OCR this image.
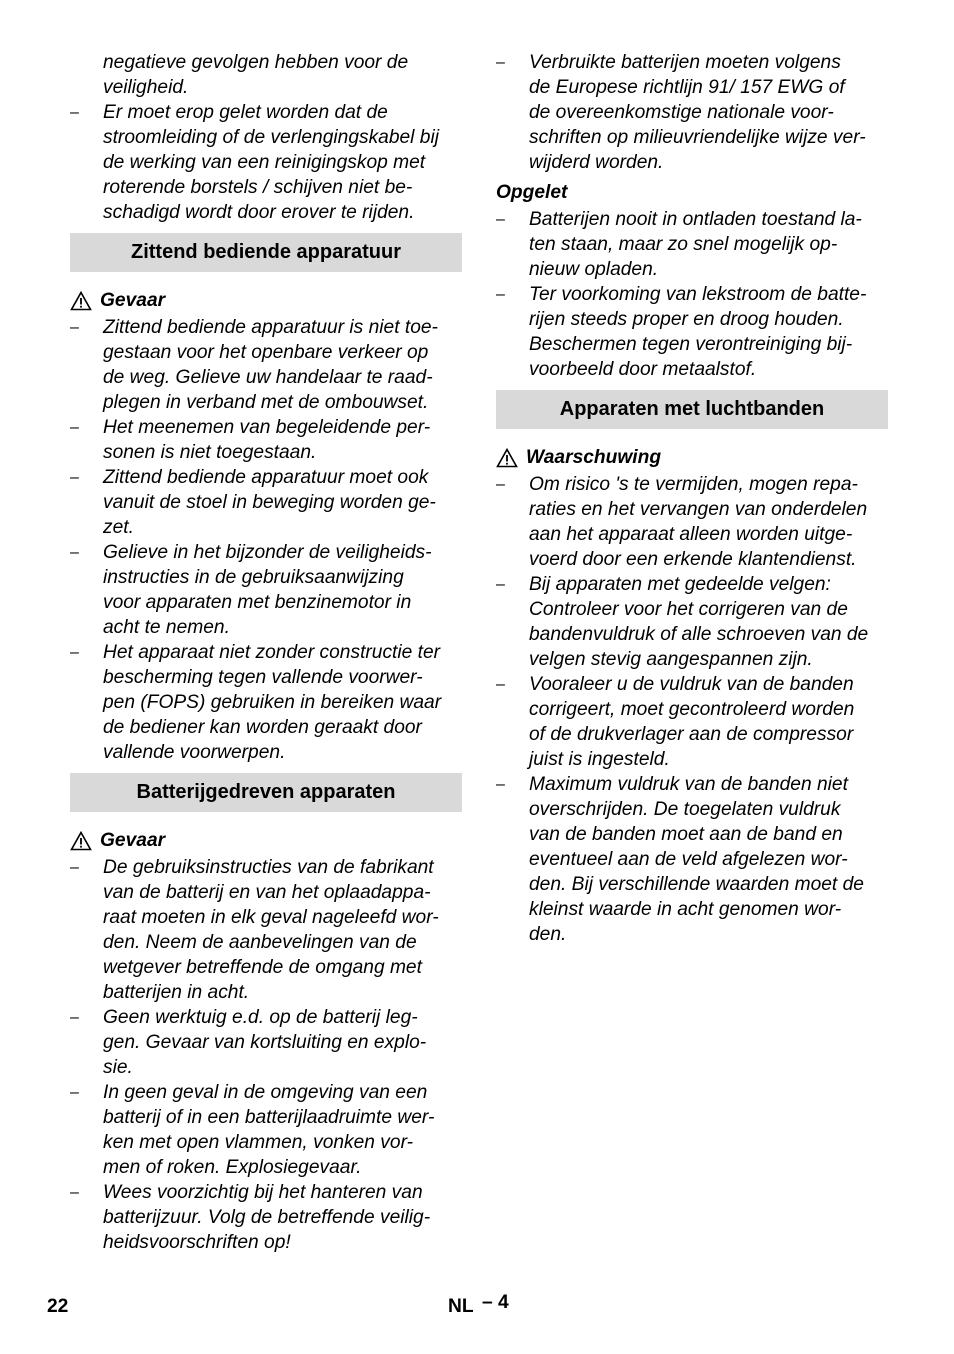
negatieve gevolgen hebben voor de
veiligheid.

– Er moet erop gelet worden dat de
stroomleiding of de verlengingskabel bij
de werking van een reinigingskop met
roterende borstels / schijven niet be-
schadigd wordt door erover te rijden.
Zittend bediende apparatuur
Gevaar
– Zittend bediende apparatuur is niet toe-
gestaan voor het openbare verkeer op
de weg. Gelieve uw handelaar te raad-
plegen in verband met de ombouwset.
– Het meenemen van begeleidende per-
sonen is niet toegestaan.
– Zittend bediende apparatuur moet ook
vanuit de stoel in beweging worden ge-
zet.
– Gelieve in het bijzonder de veiligheids-
instructies in de gebruiksaanwijzing
voor apparaten met benzinemotor in
acht te nemen.
– Het apparaat niet zonder constructie ter
bescherming tegen vallende voorwer-
pen (FOPS) gebruiken in bereiken waar
de bediener kan worden geraakt door
vallende voorwerpen.
Batterijgedreven apparaten
Gevaar
– De gebruiksinstructies van de fabrikant
van de batterij en van het oplaadappa-
raat moeten in elk geval nageleefd wor-
den. Neem de aanbevelingen van de
wetgever betreffende de omgang met
batterijen in acht.
– Geen werktuig e.d. op de batterij leg-
gen. Gevaar van kortsluiting en explo-
sie.
– In geen geval in de omgeving van een
batterij of in een batterijlaadruimte wer-
ken met open vlammen, vonken vor-
men of roken. Explosiegevaar.
– Wees voorzichtig bij het hanteren van
batterijzuur. Volg de betreffende veilig-
heidsvoorschriften op!
– Verbruikte batterijen moeten volgens
de Europese richtlijn 91/ 157 EWG of
de overeenkomstige nationale voor-
schriften op milieuvriendelijke wijze ver-
wijderd worden.
Opgelet
– Batterijen nooit in ontladen toestand la-
ten staan, maar zo snel mogelijk op-
nieuw opladen.
– Ter voorkoming van lekstroom de batte-
rijen steeds proper en droog houden.
Beschermen tegen verontreiniging bij-
voorbeeld door metaalstof.
Apparaten met luchtbanden
Waarschuwing
– Om risico 's te vermijden, mogen repa-
raties en het vervangen van onderdelen
aan het apparaat alleen worden uitge-
voerd door een erkende klantendienst.
– Bij apparaten met gedeelde velgen:
Controleer voor het corrigeren van de
bandenvuldruk of alle schroeven van de
velgen stevig aangespannen zijn.
– Vooraleer u de vuldruk van de banden
corrigeert, moet gecontroleerd worden
of de drukverlager aan de compressor
juist is ingesteld.
– Maximum vuldruk van de banden niet
overschrijden. De toegelaten vuldruk
van de banden moet aan de band en
eventueel aan de veld afgelezen wor-
den. Bij verschillende waarden moet de
kleinst waarde in acht genomen wor-
den.
22	NL – 4
